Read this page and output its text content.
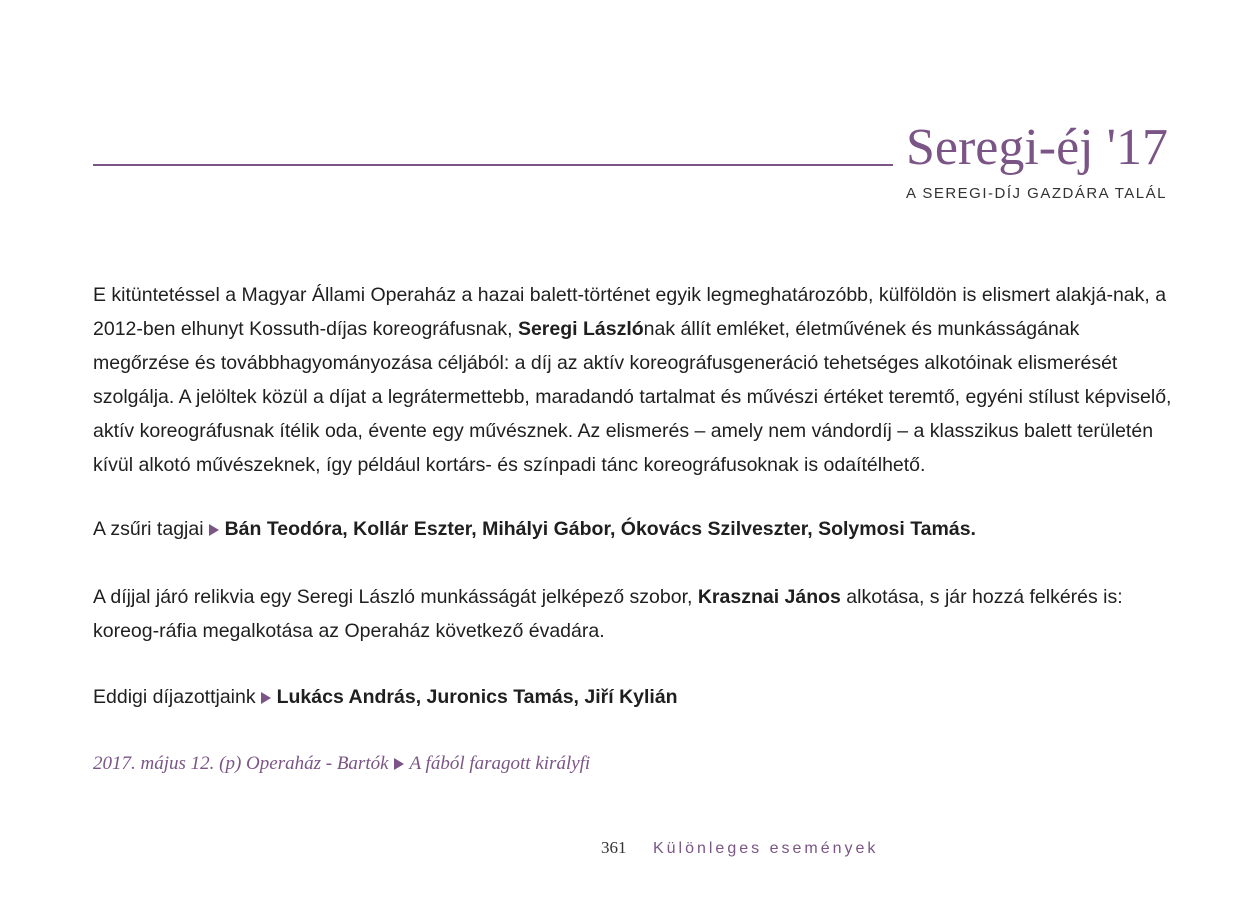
Seregi-éj '17
A SEREGI-DÍJ GAZDÁRA TALÁL

E kitüntetéssel a Magyar Állami Operaház a hazai balett-történet egyik legmeghatározóbb, külföldön is elismert alakjá-nak, a 2012-ben elhunyt Kossuth-díjas koreográfusnak, Seregi Lászlónak állít emléket, életművének és munkásságának megőrzése és továbbhagyományozása céljából: a díj az aktív koreográfusgeneráció tehetséges alkotóinak elismerését szolgálja. A jelöltek közül a díjat a legrátermettebb, maradandó tartalmat és művészi értéket teremtő, egyéni stílust képviselő, aktív koreográfusnak ítélik oda, évente egy művésznek. Az elismerés – amely nem vándordíj – a klasszikus balett területén kívül alkotó művészeknek, így például kortárs- és színpadi tánc koreográfusoknak is odaítélhető.

A zsűri tagjai Bán Teodóra, Kollár Eszter, Mihályi Gábor, Ókovács Szilveszter, Solymosi Tamás.

A díjjal járó relikvia egy Seregi László munkásságát jelképező szobor, Krasznai János alkotása, s jár hozzá felkérés is: koreog-ráfia megalkotása az Operaház következő évadára.

Eddigi díjazottjaink Lukács András, Juronics Tamás, Jiří Kylián

2017. május 12. (p) Operaház - Bartók A fából faragott királyfi

361 Különleges események
